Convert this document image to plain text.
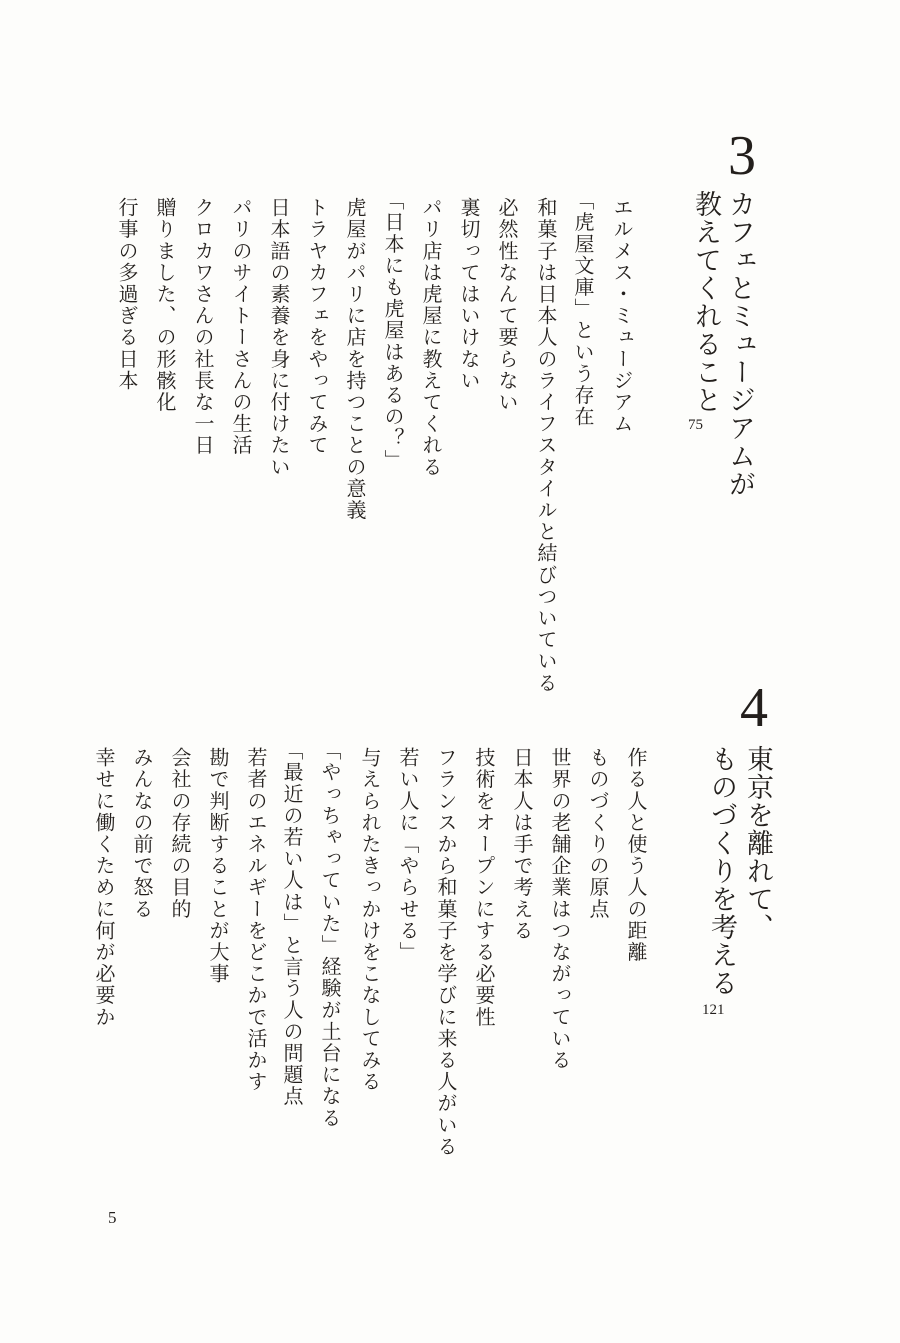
3
カフェとミュージアムが
教えてくれること
75
エルメス・ミュージアム
「虎屋文庫」という存在
和菓子は日本人のライフスタイルと結びついている
必然性なんて要らない
裏切ってはいけない
パリ店は虎屋に教えてくれる
「日本にも虎屋はあるの？」
虎屋がパリに店を持つことの意義
トラヤカフェをやってみて
日本語の素養を身に付けたい
パリのサイトーさんの生活
クロカワさんの社長な一日
贈りました、の形骸化
行事の多過ぎる日本
4
東京を離れて、
ものづくりを考える
121
作る人と使う人の距離
ものづくりの原点
世界の老舗企業はつながっている
日本人は手で考える
技術をオープンにする必要性
フランスから和菓子を学びに来る人がいる
若い人に「やらせる」
与えられたきっかけをこなしてみる
「やっちゃっていた」経験が土台になる
「最近の若い人は」と言う人の問題点
若者のエネルギーをどこかで活かす
勘で判断することが大事
会社の存続の目的
みんなの前で怒る
幸せに働くために何が必要か
5
